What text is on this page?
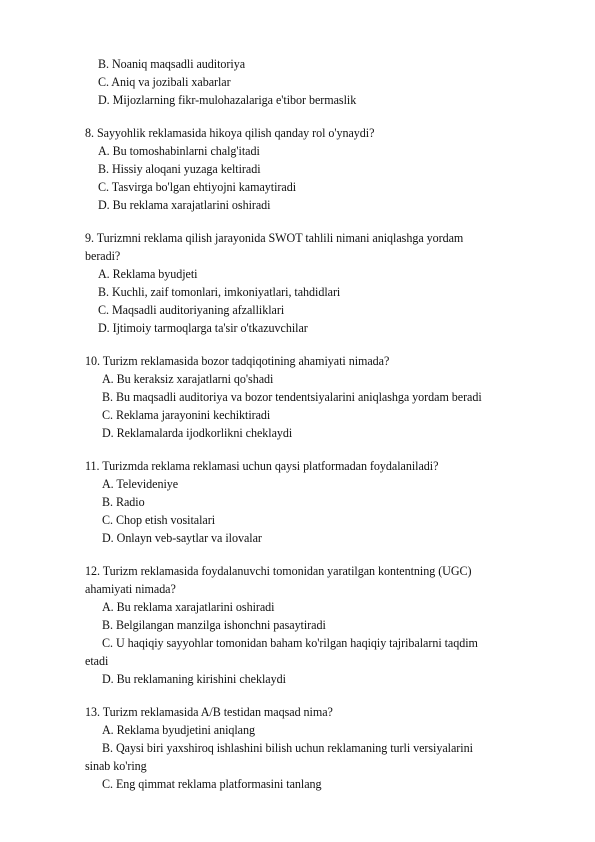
B. Noaniq maqsadli auditoriya
C. Aniq va jozibali xabarlar
D. Mijozlarning fikr-mulohazalariga e'tibor bermaslik
8. Sayyohlik reklamasida hikoya qilish qanday rol o'ynaydi?
A. Bu tomoshabinlarni chalg'itadi
B. Hissiy aloqani yuzaga keltiradi
C. Tasvirga bo'lgan ehtiyojni kamaytiradi
D. Bu reklama xarajatlarini oshiradi
9. Turizmni reklama qilish jarayonida SWOT tahlili nimani aniqlashga yordam
beradi?
A. Reklama byudjeti
B. Kuchli, zaif tomonlari, imkoniyatlari, tahdidlari
C. Maqsadli auditoriyaning afzalliklari
D. Ijtimoiy tarmoqlarga ta'sir o'tkazuvchilar
10. Turizm reklamasida bozor tadqiqotining ahamiyati nimada?
A. Bu keraksiz xarajatlarni qo'shadi
B. Bu maqsadli auditoriya va bozor tendentsiyalarini aniqlashga yordam beradi
C. Reklama jarayonini kechiktiradi
D. Reklamalarda ijodkorlikni cheklaydi
11. Turizmda reklama reklamasi uchun qaysi platformadan foydalaniladi?
A. Televideniye
B. Radio
C. Chop etish vositalari
D. Onlayn veb-saytlar va ilovalar
12. Turizm reklamasida foydalanuvchi tomonidan yaratilgan kontentning (UGC)
ahamiyati nimada?
A. Bu reklama xarajatlarini oshiradi
B. Belgilangan manzilga ishonchni pasaytiradi
C. U haqiqiy sayyohlar tomonidan baham ko'rilgan haqiqiy tajribalarni taqdim
etadi
D. Bu reklamaning kirishini cheklaydi
13. Turizm reklamasida A/B testidan maqsad nima?
A. Reklama byudjetini aniqlang
B. Qaysi biri yaxshiroq ishlashini bilish uchun reklamaning turli versiyalarini
sinab ko'ring
C. Eng qimmat reklama platformasini tanlang
